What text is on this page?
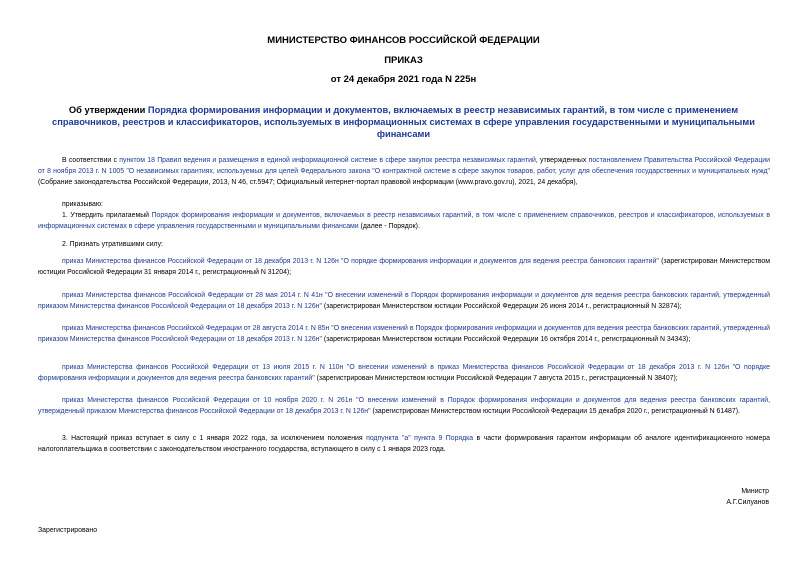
МИНИСТЕРСТВО ФИНАНСОВ РОССИЙСКОЙ ФЕДЕРАЦИИ
ПРИКАЗ
от 24 декабря 2021 года N 225н
Об утверждении Порядка формирования информации и документов, включаемых в реестр независимых гарантий, в том числе с применением справочников, реестров и классификаторов, используемых в информационных системах в сфере управления государственными и муниципальными финансами
В соответствии с пунктом 18 Правил ведения и размещения в единой информационной системе в сфере закупок реестра независимых гарантий, утвержденных постановлением Правительства Российской Федерации от 8 ноября 2013 г. N 1005 "О независимых гарантиях, используемых для целей Федерального закона "О контрактной системе в сфере закупок товаров, работ, услуг для обеспечения государственных и муниципальных нужд" (Собрание законодательства Российской Федерации, 2013, N 46, ст.5947; Официальный интернет-портал правовой информации (www.pravo.gov.ru), 2021, 24 декабря),
приказываю:
1. Утвердить прилагаемый Порядок формирования информации и документов, включаемых в реестр независимых гарантий, в том числе с применением справочников, реестров и классификаторов, используемых в информационных системах в сфере управления государственными и муниципальными финансами (далее - Порядок).
2. Признать утратившими силу:
приказ Министерства финансов Российской Федерации от 18 декабря 2013 г. N 126н "О порядке формирования информации и документов для ведения реестра банковских гарантий" (зарегистрирован Министерством юстиции Российской Федерации 31 января 2014 г., регистрационный N 31204);
приказ Министерства финансов Российской Федерации от 28 мая 2014 г. N 41н "О внесении изменений в Порядок формирования информации и документов для ведения реестра банковских гарантий, утвержденный приказом Министерства финансов Российской Федерации от 18 декабря 2013 г. N 126н" (зарегистрирован Министерством юстиции Российской Федерации 26 июня 2014 г., регистрационный N 32874);
приказ Министерства финансов Российской Федерации от 28 августа 2014 г. N 85н "О внесении изменений в Порядок формирования информации и документов для ведения реестра банковских гарантий, утвержденный приказом Министерства финансов Российской Федерации от 18 декабря 2013 г. N 126н" (зарегистрирован Министерством юстиции Российской Федерации 16 октября 2014 г., регистрационный N 34343);
приказ Министерства финансов Российской Федерации от 13 июля 2015 г. N 110н "О внесении изменений в приказ Министерства финансов Российской Федерации от 18 декабря 2013 г. N 126н "О порядке формирования информации и документов для ведения реестра банковских гарантий" (зарегистрирован Министерством юстиции Российской Федерации 7 августа 2015 г., регистрационный N 38407);
приказ Министерства финансов Российской Федерации от 10 ноября 2020 г. N 261н "О внесении изменений в Порядок формирования информации и документов для ведения реестра банковских гарантий, утвержденный приказом Министерства финансов Российской Федерации от 18 декабря 2013 г. N 126н" (зарегистрирован Министерством юстиции Российской Федерации 15 декабря 2020 г., регистрационный N 61487).
3. Настоящий приказ вступает в силу с 1 января 2022 года, за исключением положения подпункта "а" пункта 9 Порядка в части формирования гарантом информации об аналоге идентификационного номера налогоплательщика в соответствии с законодательством иностранного государства, вступающего в силу с 1 января 2023 года.
Министр
А.Г.Силуанов
Зарегистрировано
